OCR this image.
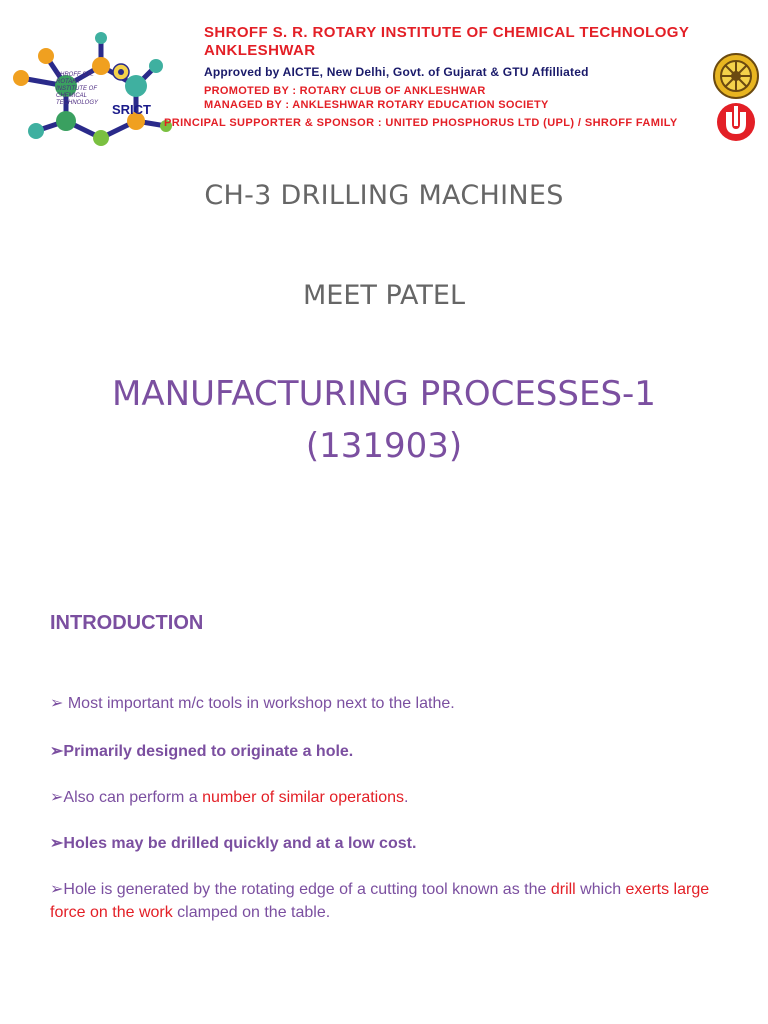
SHROFF S.R.
ROTARY
INSTITUTE OF
CHEMICAL
TECHNOLOGY	SRICT
SHROFF S. R. ROTARY INSTITUTE OF CHEMICAL TECHNOLOGY
ANKLESHWAR
Approved by AICTE, New Delhi, Govt. of Gujarat & GTU Affilliated
PROMOTED BY : ROTARY CLUB OF ANKLESHWAR
MANAGED BY : ANKLESHWAR ROTARY EDUCATION SOCIETY
PRINCIPAL SUPPORTER & SPONSOR : UNITED PHOSPHORUS LTD (UPL) / SHROFF FAMILY
CH-3 DRILLING MACHINES
MEET PATEL
MANUFACTURING PROCESSES-1
(131903)
INTRODUCTION
➢ Most important m/c tools in workshop next to the lathe.
➢Primarily designed to originate a hole.
➢Also can perform a number of similar operations.
➢Holes may be drilled quickly and at a low cost.
➢Hole is generated by the rotating edge of a cutting tool known as the drill which exerts large force on the work clamped on the table.
